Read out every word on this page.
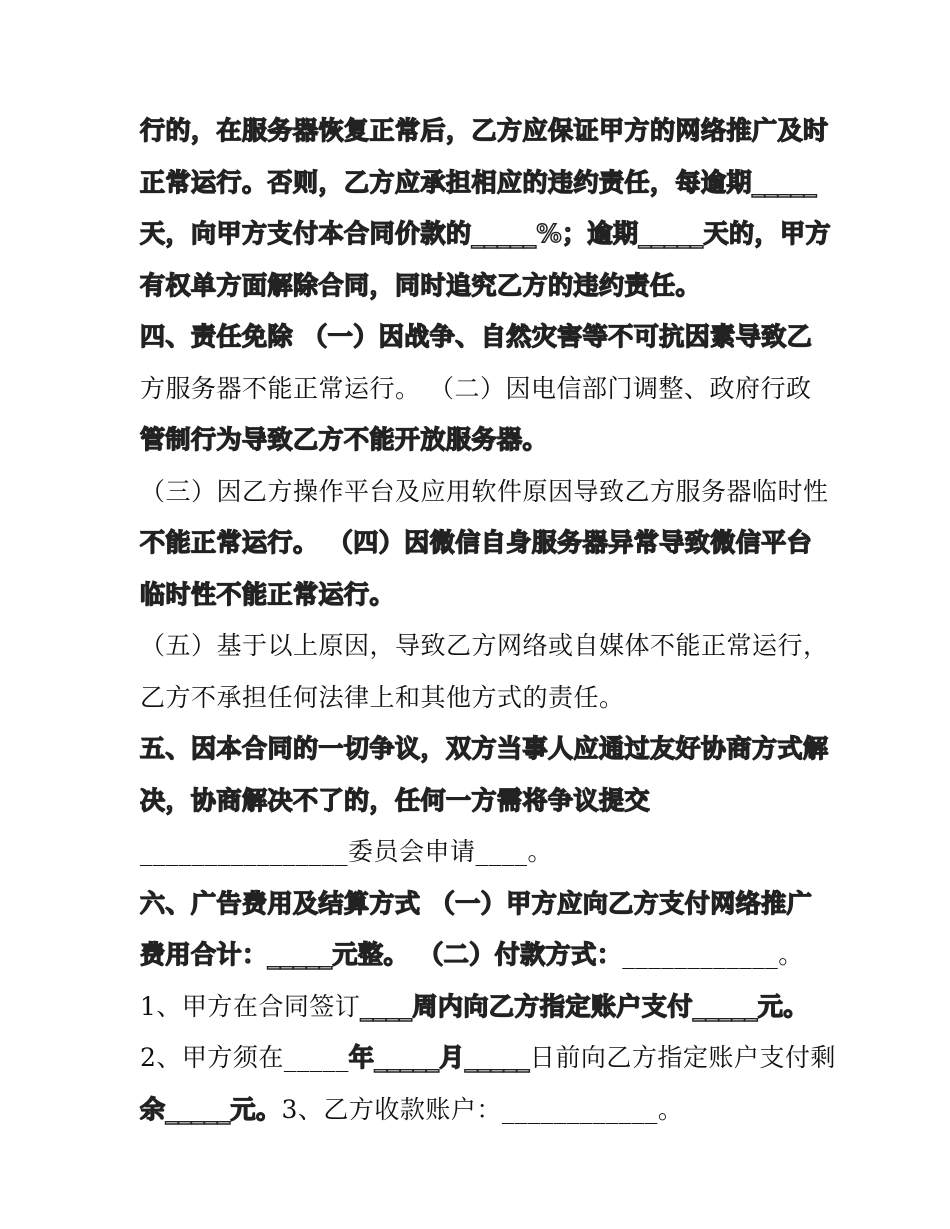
行的，在服务器恢复正常后，乙方应保证甲方的网络推广及时
正常运行。否则，乙方应承担相应的违约责任，每逾期_____
天，向甲方支付本合同价款的_____%；逾期_____天的，甲方
有权单方面解除合同，同时追究乙方的违约责任。
四、责任免除 （一）因战争、自然灾害等不可抗因素导致乙
方服务器不能正常运行。 （二）因电信部门调整、政府行政
管制行为导致乙方不能开放服务器。
（三）因乙方操作平台及应用软件原因导致乙方服务器临时性
不能正常运行。 （四）因微信自身服务器异常导致微信平台
临时性不能正常运行。
（五）基于以上原因，导致乙方网络或自媒体不能正常运行，
乙方不承担任何法律上和其他方式的责任。
五、因本合同的一切争议，双方当事人应通过友好协商方式解
决，协商解决不了的，任何一方需将争议提交
________________委员会申请____。
六、广告费用及结算方式 （一）甲方应向乙方支付网络推广
费用合计：_____元整。 （二）付款方式：____________。
1、甲方在合同签订____周内向乙方指定账户支付_____元。
2、甲方须在_____年_____月_____日前向乙方指定账户支付剩
余_____元。3、乙方收款账户：____________。
